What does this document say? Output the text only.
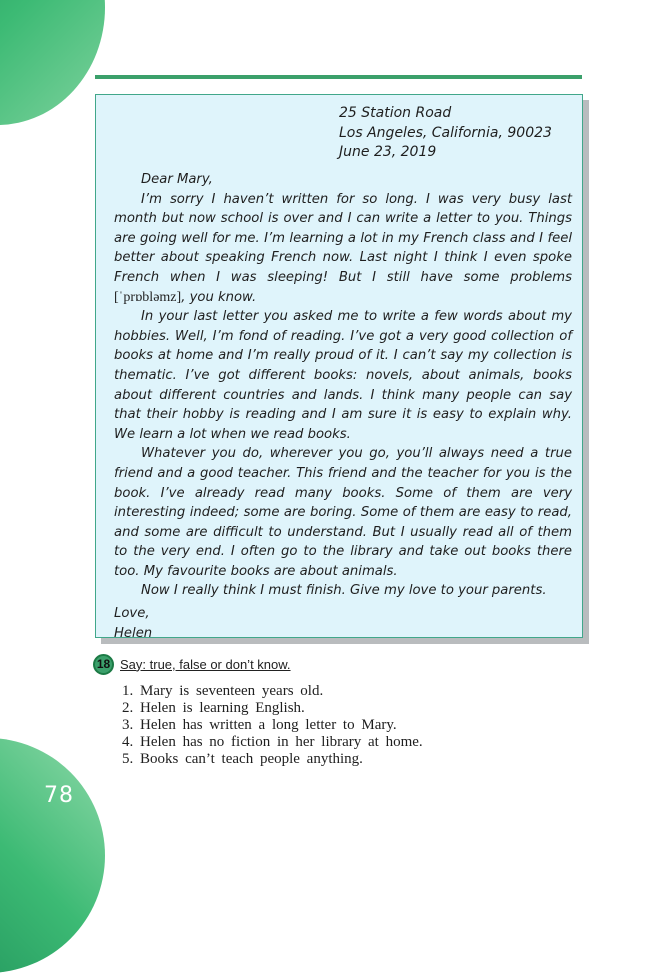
78
25 Station Road
Los Angeles, California, 90023
June 23, 2019

Dear Mary,

I’m sorry I haven’t written for so long. I was very busy last month but now school is over and I can write a letter to you. Things are going well for me. I’m learning a lot in my French class and I feel better about speaking French now. Last night I think I even spoke French when I was sleeping! But I still have some problems [ˈprɒbləmz], you know.

In your last letter you asked me to write a few words about my hobbies. Well, I’m fond of reading. I’ve got a very good collection of books at home and I’m really proud of it. I can’t say my collection is thematic. I’ve got different books: novels, about animals, books about different countries and lands. I think many people can say that their hobby is reading and I am sure it is easy to explain why. We learn a lot when we read books.

Whatever you do, wherever you go, you’ll always need a true friend and a good teacher. This friend and the teacher for you is the book. I’ve already read many books. Some of them are very interesting indeed; some are boring. Some of them are easy to read, and some are difficult to understand. But I usually read all of them to the very end. I often go to the library and take out books there too. My favourite books are about animals.

Now I really think I must finish. Give my love to your parents.

Love,

Helen

18 Say: true, false or don’t know.
1. Mary is seventeen years old.
2. Helen is learning English.
3. Helen has written a long letter to Mary.
4. Helen has no fiction in her library at home.
5. Books can’t teach people anything.
